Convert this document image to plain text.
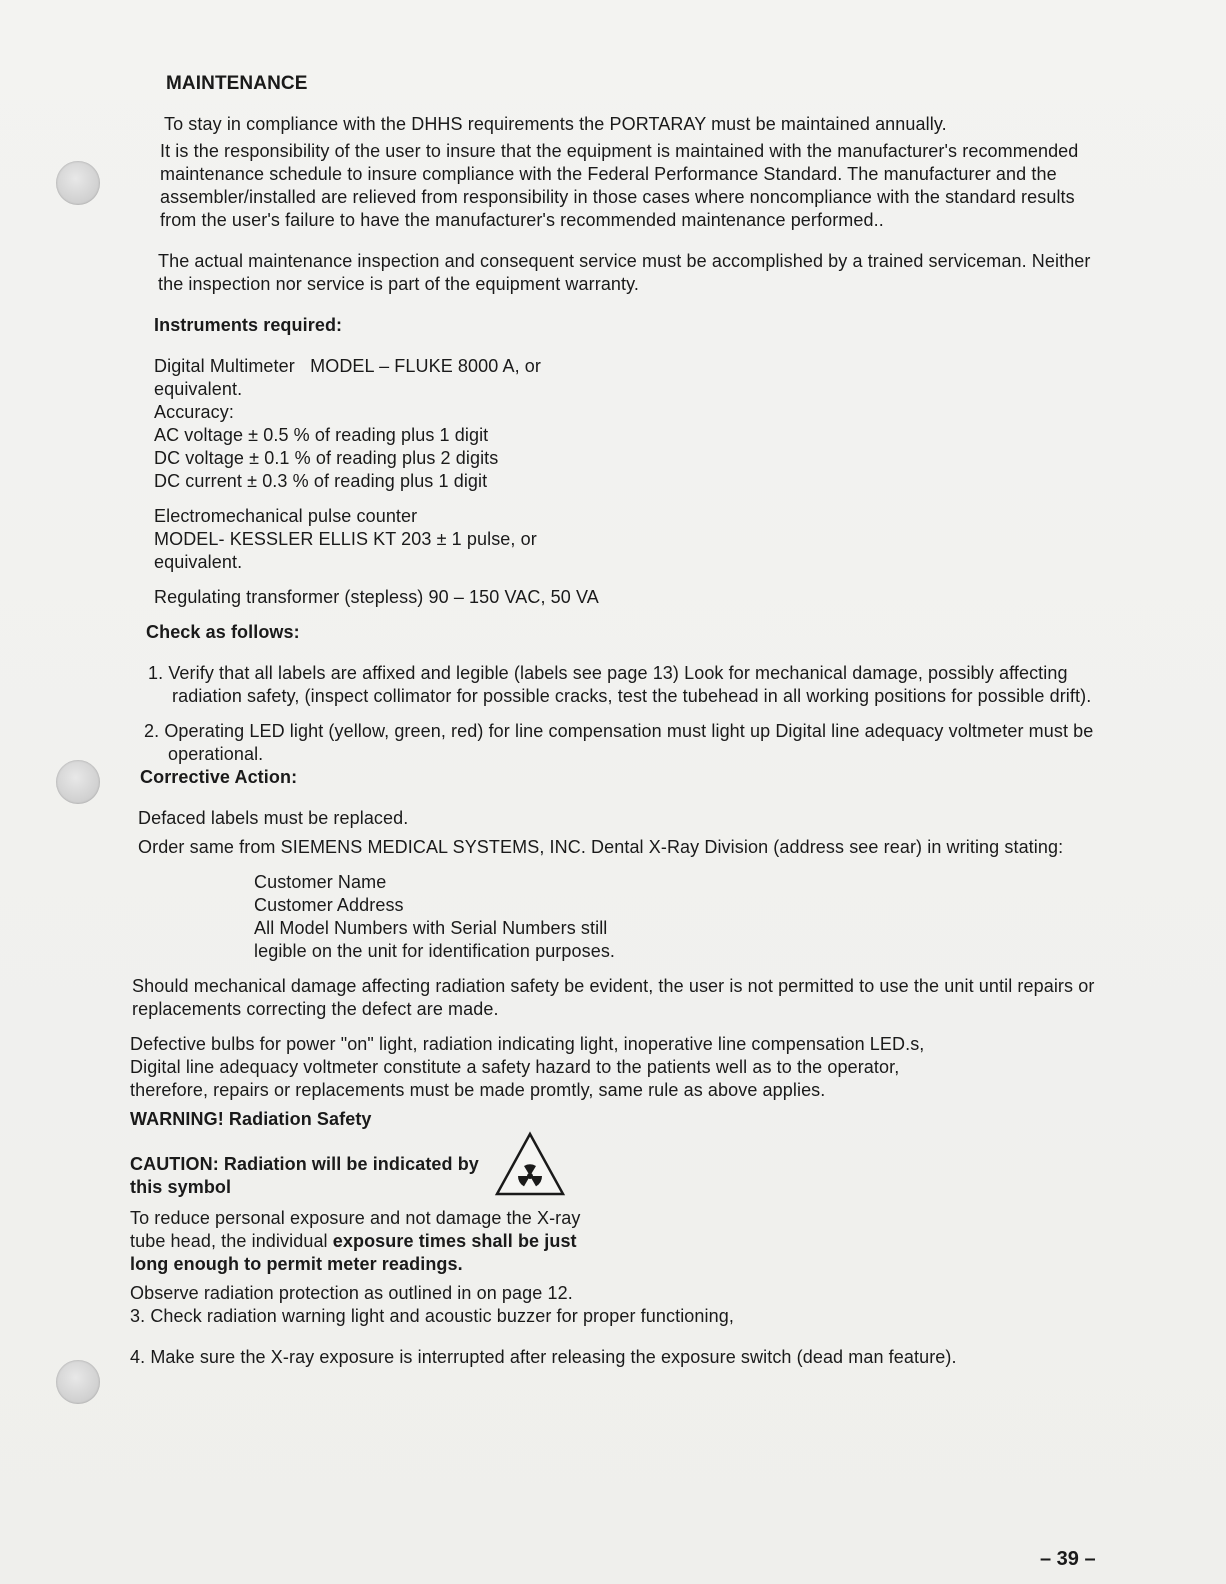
MAINTENANCE

To stay in compliance with the DHHS requirements the PORTARAY must be maintained annually.

It is the responsibility of the user to insure that the equipment is maintained with the manufacturer's recommended maintenance schedule to insure compliance with the Federal Performance Standard. The manufacturer and the assembler/installed are relieved from responsibility in those cases where noncompliance with the standard results from the user's failure to have the manufacturer's recommended maintenance performed..

The actual maintenance inspection and consequent service must be accomplished by a trained serviceman. Neither the inspection nor service is part of the equipment warranty.

Instruments required:

Digital Multimeter   MODEL – FLUKE 8000 A, or

equivalent.

Accuracy:

AC voltage ± 0.5 % of reading plus 1 digit

DC voltage ± 0.1 % of reading plus 2 digits

DC current ± 0.3 % of reading plus 1 digit

Electromechanical pulse counter

MODEL- KESSLER ELLIS KT 203 ± 1 pulse, or

equivalent.

Regulating transformer (stepless) 90 – 150 VAC, 50 VA

Check as follows:

1. Verify that all labels are affixed and legible (labels see page 13) Look for mechanical damage, possibly affecting radiation safety, (inspect collimator for possible cracks, test the tubehead in all working positions for possible drift).

2. Operating LED light (yellow, green, red) for line compensation must light up Digital line adequacy voltmeter must be operational.

Corrective Action:

Defaced labels must be replaced.

Order same from SIEMENS MEDICAL SYSTEMS, INC. Dental X-Ray Division (address see rear) in writing stating:

Customer Name

Customer Address

All Model Numbers with Serial Numbers still

legible on the unit for identification purposes.

Should mechanical damage affecting radiation safety be evident, the user is not permitted to use the unit until repairs or replacements correcting the defect are made.

Defective bulbs for power "on" light, radiation indicating light, inoperative line compensation LED.s, Digital line adequacy voltmeter constitute a safety hazard to the patients well as to the operator, therefore, repairs or replacements must be made promtly, same rule as above applies.

WARNING! Radiation Safety

CAUTION: Radiation will be indicated by this symbol

To reduce personal exposure and not damage the X-ray tube head, the individual exposure times shall be just long enough to permit meter readings.

Observe radiation protection as outlined in on page 12.

3. Check radiation warning light and acoustic buzzer for proper functioning,

4. Make sure the X-ray exposure is interrupted after releasing the exposure switch (dead man feature).

– 39 –
